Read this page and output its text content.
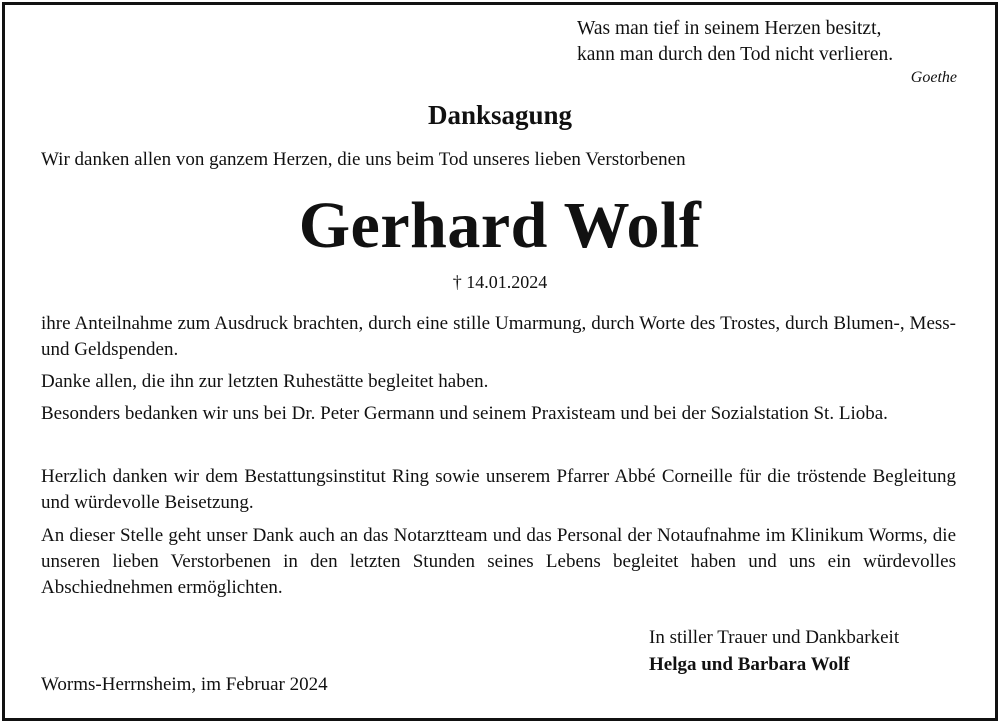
Was man tief in seinem Herzen besitzt,
kann man durch den Tod nicht verlieren.
Goethe
Danksagung
Wir danken allen von ganzem Herzen, die uns beim Tod unseres lieben Verstorbenen
Gerhard Wolf
† 14.01.2024
ihre Anteilnahme zum Ausdruck brachten, durch eine stille Umarmung, durch Worte des Trostes, durch Blumen-, Mess- und Geldspenden.
Danke allen, die ihn zur letzten Ruhestätte begleitet haben.
Besonders bedanken wir uns bei Dr. Peter Germann und seinem Praxisteam und bei der Sozialstation St. Lioba.
Herzlich danken wir dem Bestattungsinstitut Ring sowie unserem Pfarrer Abbé Corneille für die tröstende Begleitung und würdevolle Beisetzung.
An dieser Stelle geht unser Dank auch an das Notarztteam und das Personal der Notaufnahme im Klinikum Worms, die unseren lieben Verstorbenen in den letzten Stunden seines Lebens begleitet haben und uns ein würdevolles Abschiednehmen ermöglichten.
In stiller Trauer und Dankbarkeit
Helga und Barbara Wolf
Worms-Herrnsheim, im Februar 2024
